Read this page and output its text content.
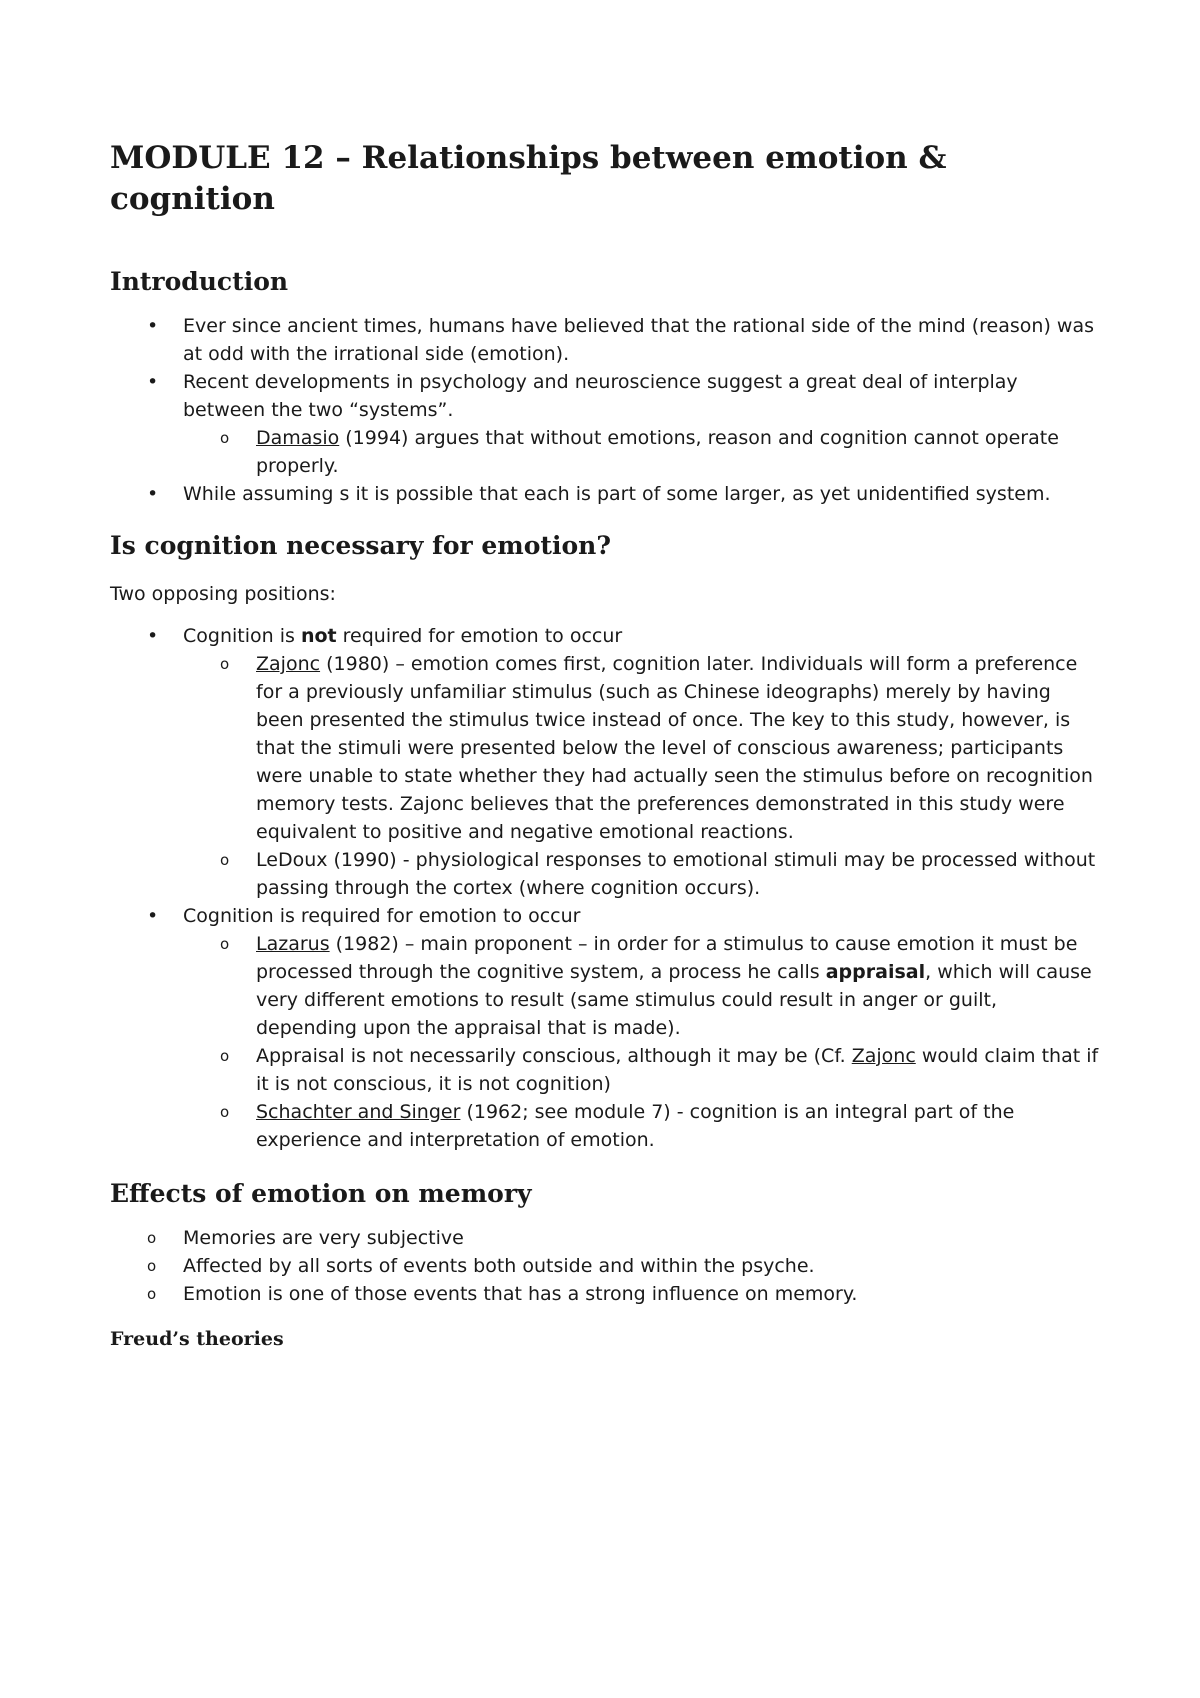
MODULE 12 – Relationships between emotion & cognition
Introduction
•	Ever since ancient times, humans have believed that the rational side of the mind (reason) was at odd with the irrational side (emotion).
•	Recent developments in psychology and neuroscience suggest a great deal of interplay between the two “systems”.
o Damasio (1994) argues that without emotions, reason and cognition cannot operate properly.
•	While assuming s it is possible that each is part of some larger, as yet unidentified system.
Is cognition necessary for emotion?

Two opposing positions:

•	Cognition is not required for emotion to occur
o Zajonc (1980) – emotion comes first, cognition later. Individuals will form a preference for a previously unfamiliar stimulus (such as Chinese ideographs) merely by having been presented the stimulus twice instead of once. The key to this study, however, is that the stimuli were presented below the level of conscious awareness; participants were unable to state whether they had actually seen the stimulus before on recognition memory tests. Zajonc believes that the preferences demonstrated in this study were equivalent to positive and negative emotional reactions.
o LeDoux (1990) - physiological responses to emotional stimuli may be processed without passing through the cortex (where cognition occurs).
•	Cognition is required for emotion to occur
o Lazarus (1982) – main proponent – in order for a stimulus to cause emotion it must be processed through the cognitive system, a process he calls appraisal, which will cause very different emotions to result (same stimulus could result in anger or guilt, depending upon the appraisal that is made).
o Appraisal is not necessarily conscious, although it may be (Cf. Zajonc would claim that if it is not conscious, it is not cognition)
o Schachter and Singer (1962; see module 7) - cognition is an integral part of the experience and interpretation of emotion.
Effects of emotion on memory
o Memories are very subjective
o Affected by all sorts of events both outside and within the psyche.
o Emotion is one of those events that has a strong influence on memory.
Freud’s theories
